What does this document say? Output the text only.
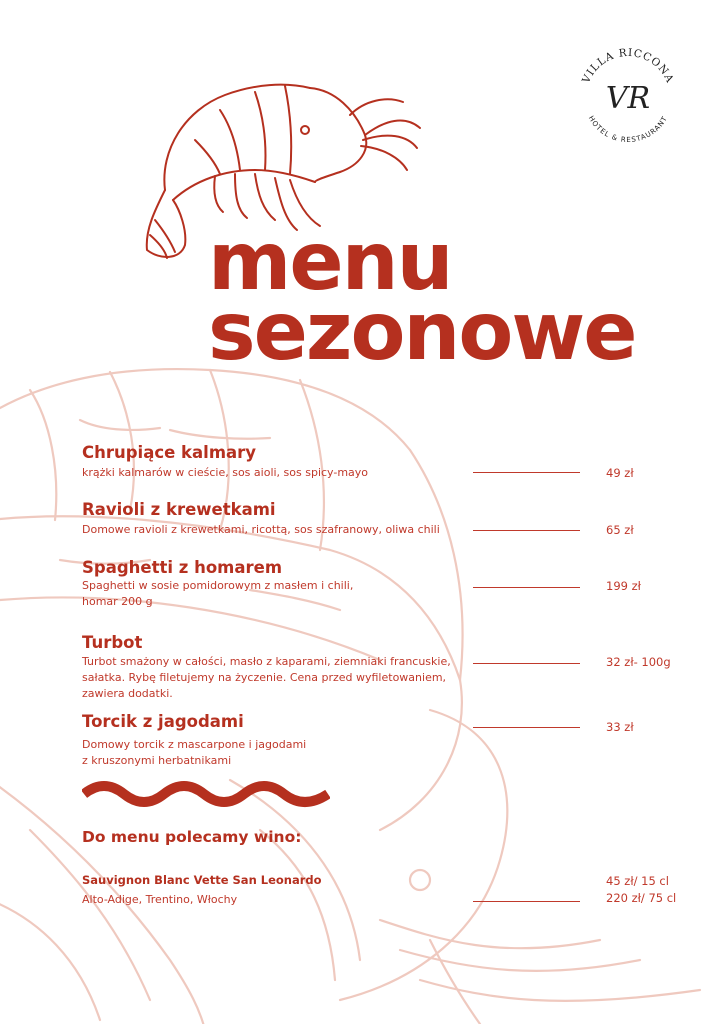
VILLA RICCONA
VR
HOTEL & RESTAURANT
menu
sezonowe

Chrupiące kalmary

krążki kalmarów w cieście, sos aioli, sos spicy-mayo	49 zł

Ravioli z krewetkami

Domowe ravioli z krewetkami, ricottą, sos szafranowy, oliwa chili	65 zł

Spaghetti z homarem

Spaghetti w sosie pomidorowym z masłem i chili,
homar 200 g

199 zł

Turbot

Turbot smażony w całości, masło z kaparami, ziemniaki francuskie,
sałatka. Rybę filetujemy na życzenie. Cena przed wyfiletowaniem,
zawiera dodatki.

32 zł- 100g

Torcik z jagodami

Domowy torcik z mascarpone i jagodami
z kruszonymi herbatnikami

33 zł
Do menu polecamy wino:
Sauvignon Blanc Vette San Leonardo
Alto-Adige, Trentino, Włochy
45 zł/ 15 cl
220 zł/ 75 cl
